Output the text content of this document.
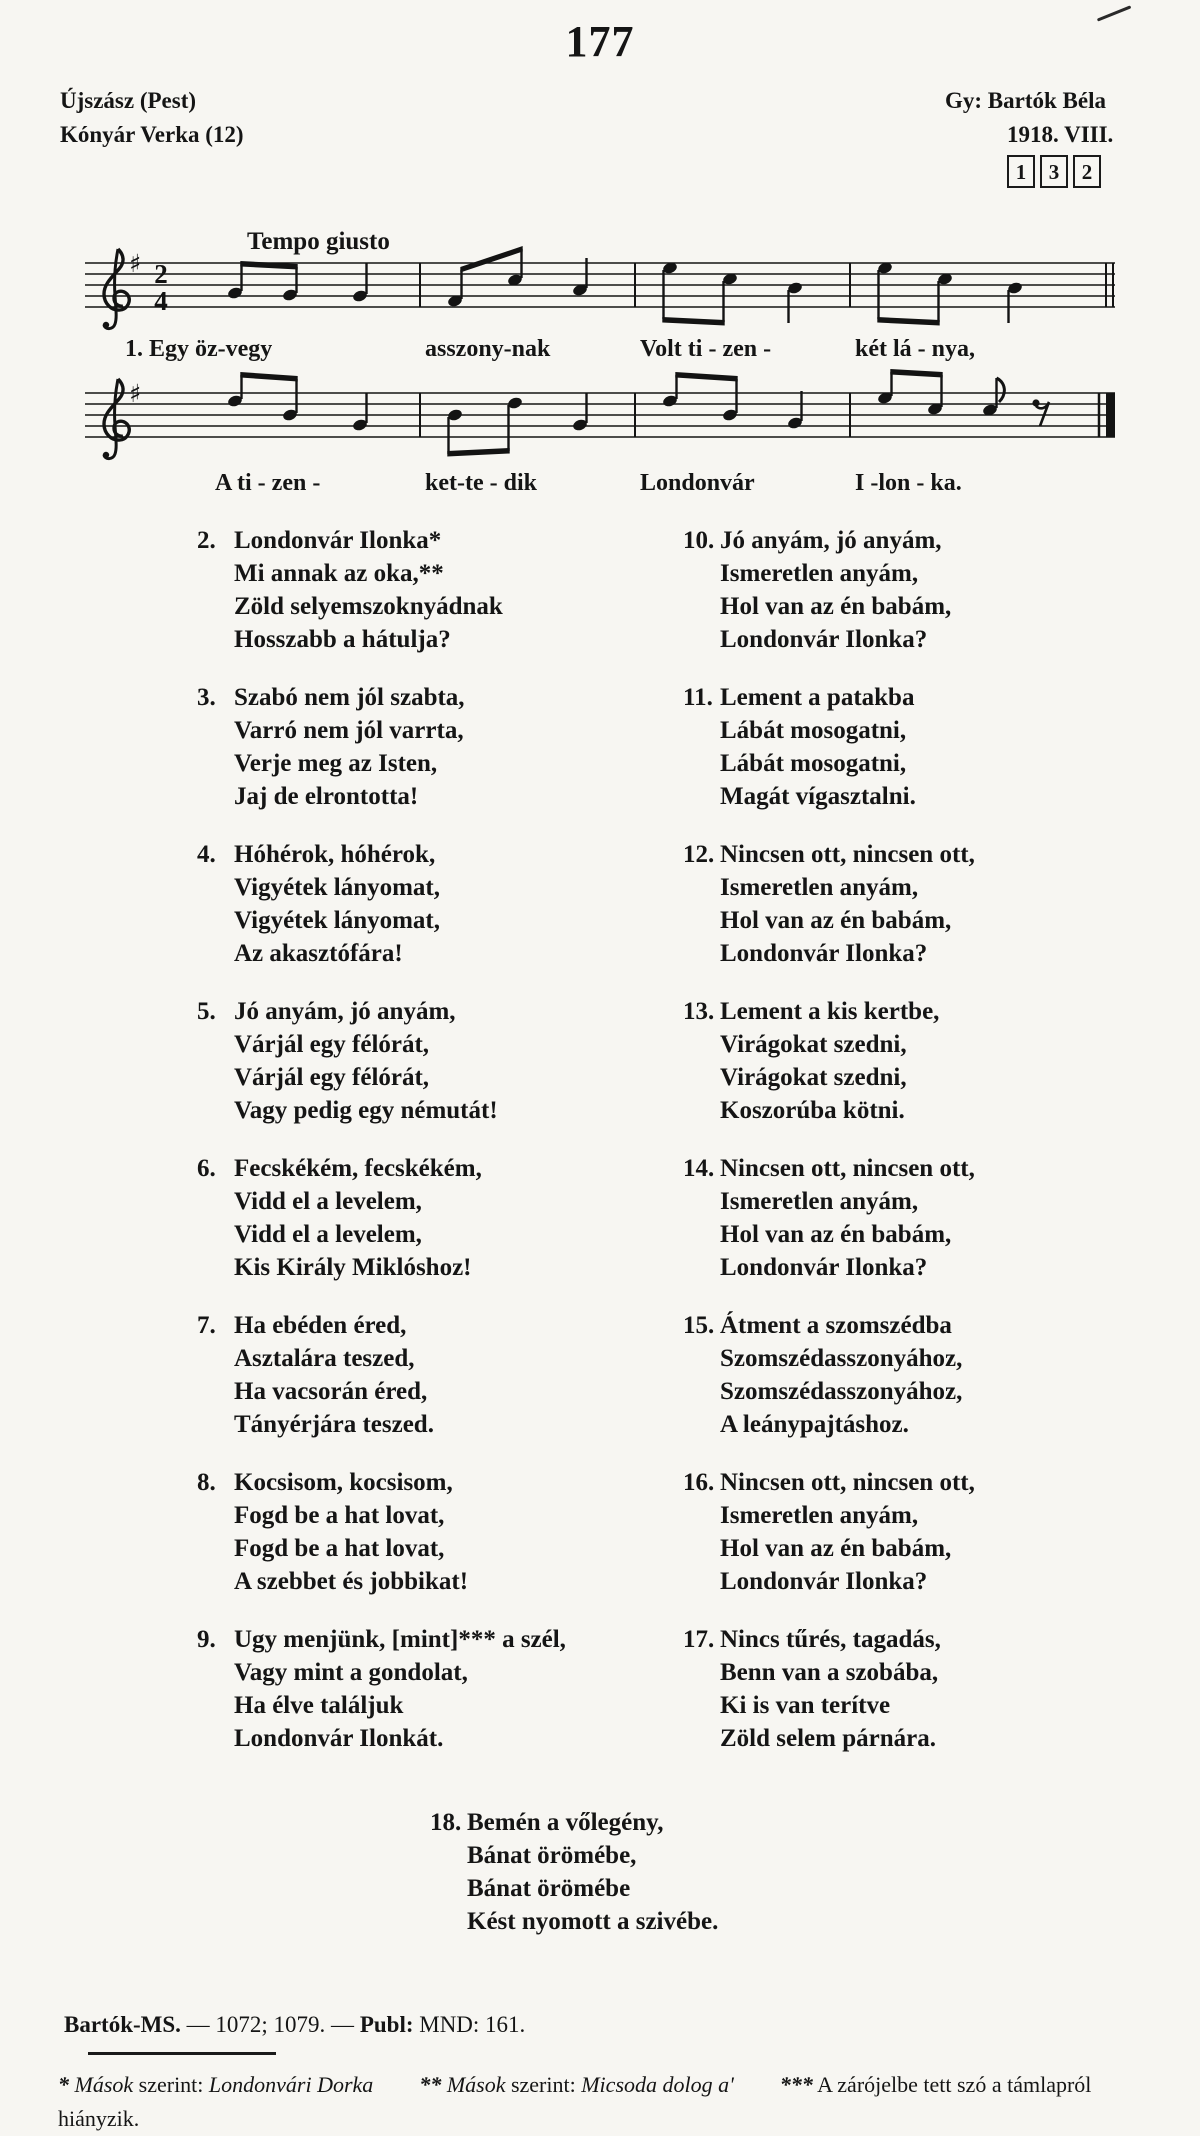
177
Újszász (Pest)
Kónyár Verka (12)
Gy: Bartók Béla
1918. VIII.
1	3	2
Tempo giusto
♯ 2
4
1. Egy öz-vegy	asszony-nak	Volt ti - zen -	két lá - nya,
♯
A ti - zen -	ket-te - dik	Londonvár	I -lon - ka.
2. Londonvár Ilonka*
Mi annak az oka,**
Zöld selyemszoknyádnak
Hosszabb a hátulja?
3. Szabó nem jól szabta,
Varró nem jól varrta,
Verje meg az Isten,
Jaj de elrontotta!
4. Hóhérok, hóhérok,
Vigyétek lányomat,
Vigyétek lányomat,
Az akasztófára!
5. Jó anyám, jó anyám,
Várjál egy félórát,
Várjál egy félórát,
Vagy pedig egy némutát!
6. Fecskékém, fecskékém,
Vidd el a levelem,
Vidd el a levelem,
Kis Király Miklóshoz!
7. Ha ebéden éred,
Asztalára teszed,
Ha vacsorán éred,
Tányérjára teszed.
8. Kocsisom, kocsisom,
Fogd be a hat lovat,
Fogd be a hat lovat,
A szebbet és jobbikat!
9. Ugy menjünk, [mint]*** a szél,
Vagy mint a gondolat,
Ha élve találjuk
Londonvár Ilonkát.
10. Jó anyám, jó anyám,
Ismeretlen anyám,
Hol van az én babám,
Londonvár Ilonka?
11. Lement a patakba
Lábát mosogatni,
Lábát mosogatni,
Magát vígasztalni.
12. Nincsen ott, nincsen ott,
Ismeretlen anyám,
Hol van az én babám,
Londonvár Ilonka?
13. Lement a kis kertbe,
Virágokat szedni,
Virágokat szedni,
Koszorúba kötni.
14. Nincsen ott, nincsen ott,
Ismeretlen anyám,
Hol van az én babám,
Londonvár Ilonka?
15. Átment a szomszédba
Szomszédasszonyához,
Szomszédasszonyához,
A leánypajtáshoz.
16. Nincsen ott, nincsen ott,
Ismeretlen anyám,
Hol van az én babám,
Londonvár Ilonka?
17. Nincs tűrés, tagadás,
Benn van a szobába,
Ki is van terítve
Zöld selem párnára.
18. Bemén a vőlegény,
Bánat örömébe,
Bánat örömébe
Kést nyomott a szivébe.
Bartók-MS. — 1072; 1079. — Publ: MND: 161.
* Mások szerint: Londonvári Dorka ** Mások szerint: Micsoda dolog a' *** A zárójelbe tett szó a támlapról hiányzik.
